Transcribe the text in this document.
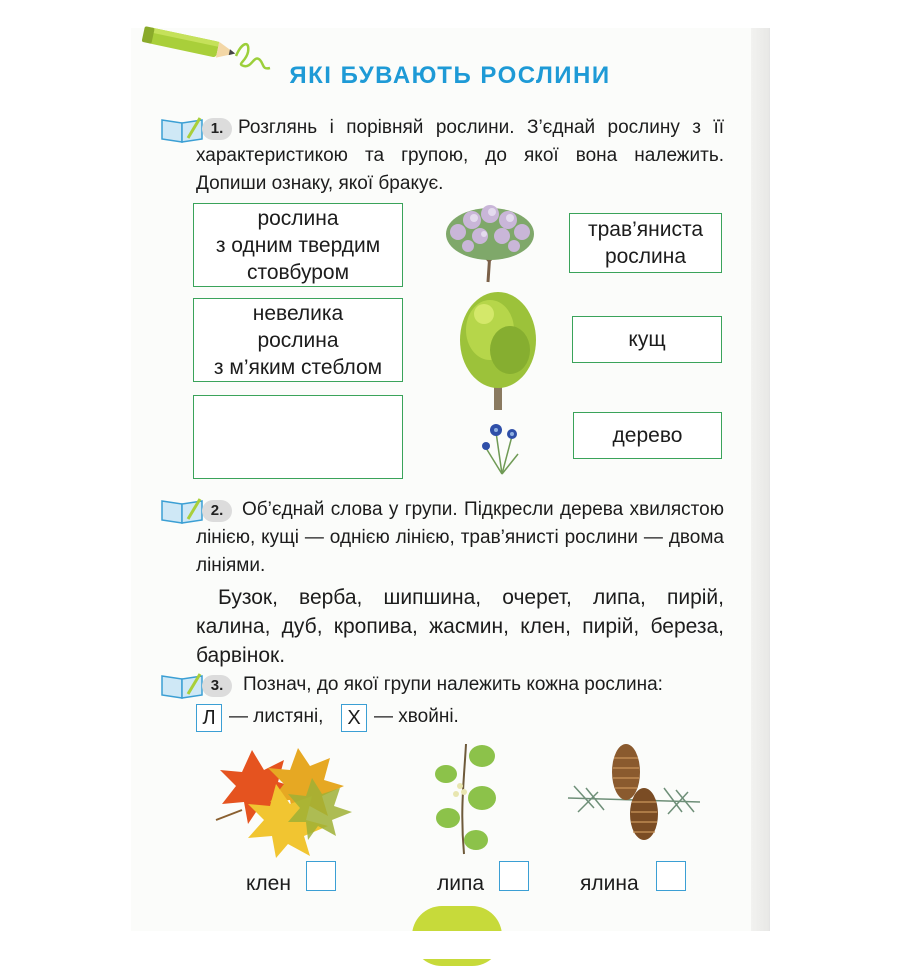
ЯКІ БУВАЮТЬ РОСЛИНИ
1. Розглянь і порівняй рослини. З’єднай рослину з її характеристикою та групою, до якої вона належить. Допиши ознаку, якої бракує.
рослина
з одним твердим
стовбуром
невелика
рослина
з м’яким стеблом
трав’яниста
рослина
кущ
дерево
2. Об’єднай слова у групи. Підкресли дерева хвилястою лінією, кущі — однією лінією, трав’янисті рослини — двома лініями.
Бузок, верба, шипшина, очерет, липа, пирій, калина, дуб, кропива, жасмин, клен, пирій, береза, барвінок.
3.	Познач, до якої групи належить кожна рослина:
Л — листяні,	Х — хвойні.
клен	липа	ялина
